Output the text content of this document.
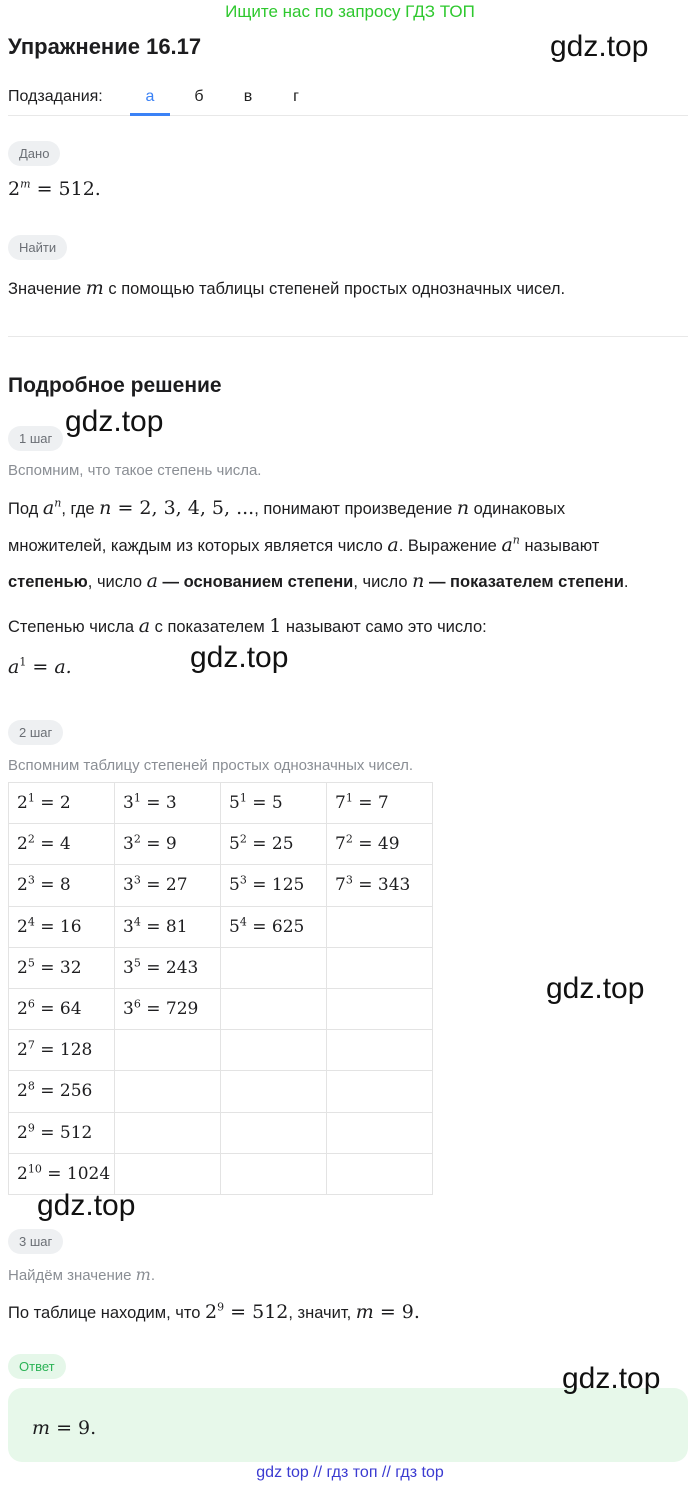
Ищите нас по запросу ГДЗ ТОП
Упражнение 16.17	gdz.top
Подзадания:	а	б	в	г
Дано
$2^m = 512$.
Найти
Значение m с помощью таблицы степеней простых однозначных чисел.
Подробное решение
gdz.top
1 шаг
Вспомним, что такое степень числа.
Под $a^n$, где n = 2, 3, 4, 5, ..., понимают произведение n одинаковых
множителей, каждым из которых является число a. Выражение $a^n$ называют
степенью, число a — основанием степени, число n — показателем степени.
Степенью числа a с показателем 1 называют само это число:
$a^1 = a$.	gdz.top
2 шаг
Вспомним таблицу степеней простых однозначных чисел.
$2^1 = 2$	$3^1 = 3$	$5^1 = 5$	$7^1 = 7$
$2^2 = 4$	$3^2 = 9$	$5^2 = 25$	$7^2 = 49$
$2^3 = 8$	$3^3 = 27$	$5^3 = 125$	$7^3 = 343$
$2^4 = 16$	$3^4 = 81$	$5^4 = 625$	
$2^5 = 32$	$3^5 = 243$		
$2^6 = 64$	$3^6 = 729$		
$2^7 = 128$			
$2^8 = 256$			
$2^9 = 512$			
$2^{10} = 1024$			
gdz.top
gdz.top
3 шаг
Найдём значение m.
По таблице находим, что $2^9 = 512$, значит, m = 9.
Ответ	gdz.top
m = 9.
gdz top // гдз топ // гдз top
